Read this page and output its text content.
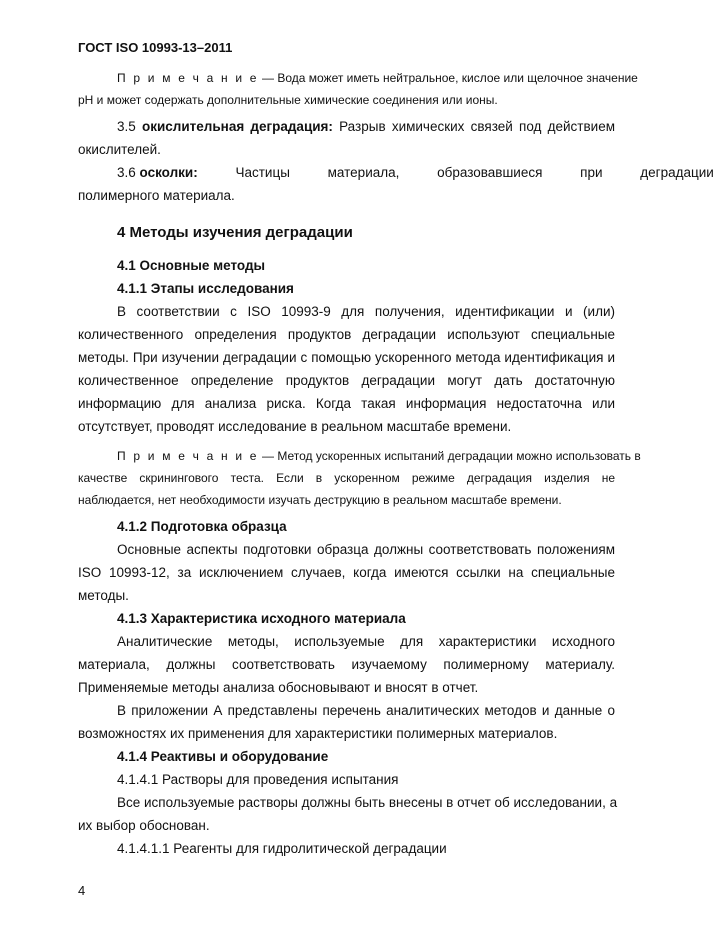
ГОСТ ISO 10993-13–2011
П р и м е ч а н и е — Вода может иметь нейтральное, кислое или щелочное значение
рН и может содержать дополнительные химические соединения или ионы.
3.5 окислительная деградация: Разрыв химических связей под действием
окислителей.
3.6 осколки: Частицы материала, образовавшиеся при деградации
полимерного материала.
4 Методы изучения деградации
4.1 Основные методы
4.1.1 Этапы исследования
В соответствии с ISO 10993-9 для получения, идентификации и (или)
количественного определения продуктов деградации используют специальные
методы. При изучении деградации с помощью ускоренного метода идентификация и
количественное определение продуктов деградации могут дать достаточную
информацию для анализа риска. Когда такая информация недостаточна или
отсутствует, проводят исследование в реальном масштабе времени.
П р и м е ч а н и е — Метод ускоренных испытаний деградации можно использовать в
качестве скринингового теста. Если в ускоренном режиме деградация изделия не
наблюдается, нет необходимости изучать деструкцию в реальном масштабе времени.
4.1.2 Подготовка образца
Основные аспекты подготовки образца должны соответствовать положениям
ISO 10993-12, за исключением случаев, когда имеются ссылки на специальные
методы.
4.1.3 Характеристика исходного материала
Аналитические методы, используемые для характеристики исходного
материала, должны соответствовать изучаемому полимерному материалу.
Применяемые методы анализа обосновывают и вносят в отчет.
В приложении А представлены перечень аналитических методов и данные о
возможностях их применения для характеристики полимерных материалов.
4.1.4 Реактивы и оборудование
4.1.4.1 Растворы для проведения испытания
Все используемые растворы должны быть внесены в отчет об исследовании, а
их выбор обоснован.
4.1.4.1.1 Реагенты для гидролитической деградации
4
